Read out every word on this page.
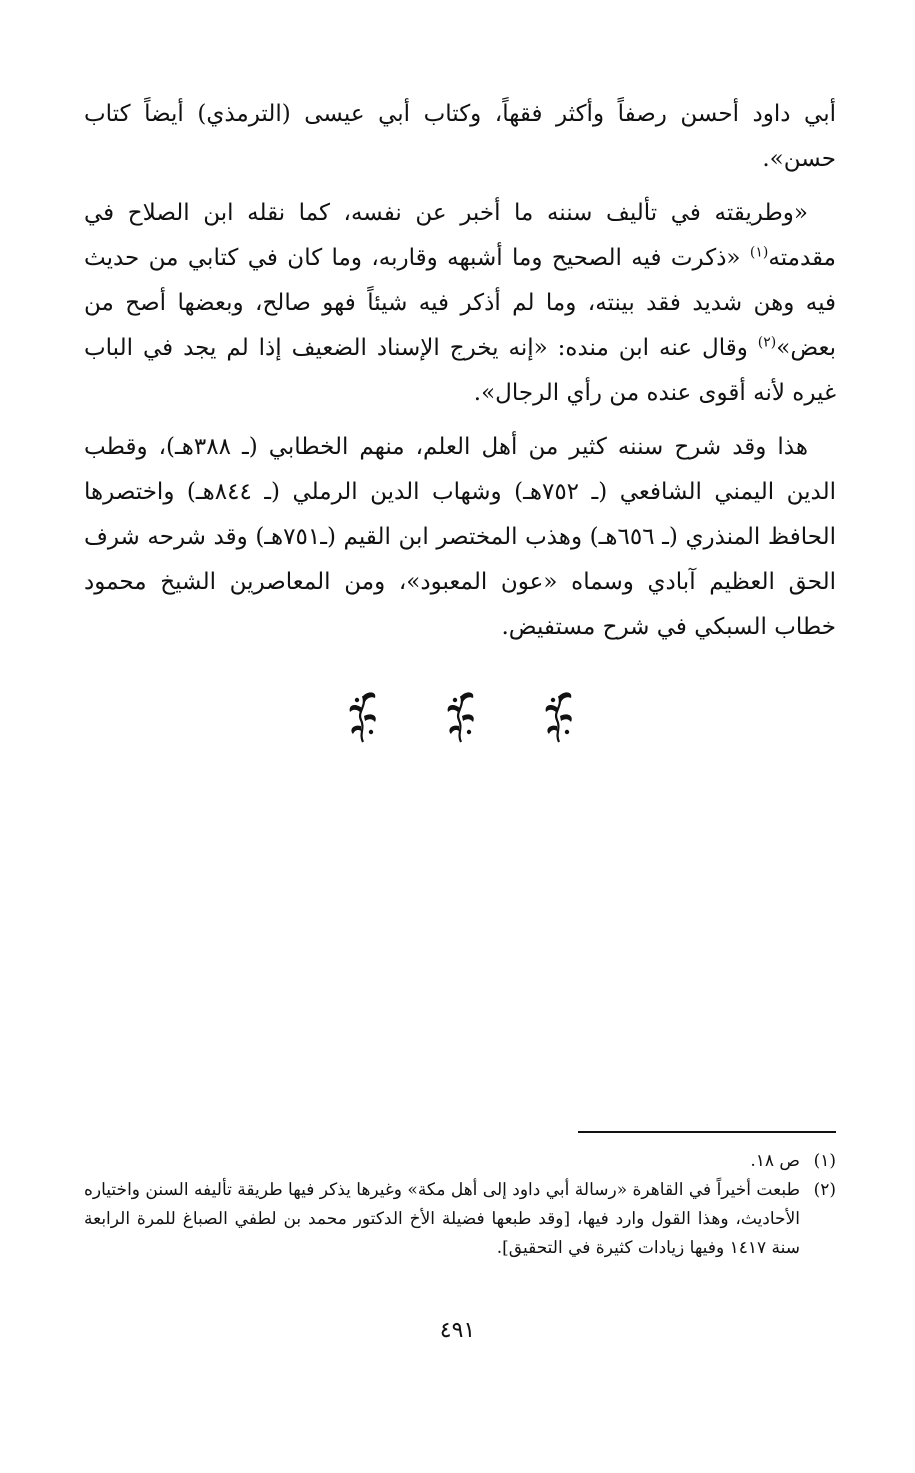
أبي داود أحسن رصفاً وأكثر فقهاً، وكتاب أبي عيسى (الترمذي) أيضاً كتاب حسن».

«وطريقته في تأليف سننه ما أخبر عن نفسه، كما نقله ابن الصلاح في مقدمته$^{(١)}$ «ذكرت فيه الصحيح وما أشبهه وقاربه، وما كان في كتابي من حديث فيه وهن شديد فقد بينته، وما لم أذكر فيه شيئاً فهو صالح، وبعضها أصح من بعض»$^{(٢)}$ وقال عنه ابن منده: «إنه يخرج الإسناد الضعيف إذا لم يجد في الباب غيره لأنه أقوى عنده من رأي الرجال».

هذا وقد شرح سننه كثير من أهل العلم، منهم الخطابي (ـ ٣٨٨هـ)، وقطب الدين اليمني الشافعي (ـ ٧٥٢هـ) وشهاب الدين الرملي (ـ ٨٤٤هـ) واختصرها الحافظ المنذري (ـ ٦٥٦هـ) وهذب المختصر ابن القيم (ـ٧٥١هـ) وقد شرحه شرف الحق العظيم آبادي وسماه «عون المعبود»، ومن المعاصرين الشيخ محمود خطاب السبكي في شرح مستفيض.

(١)
ص ١٨.

(٢)
طبعت أخيراً في القاهرة «رسالة أبي داود إلى أهل مكة» وغيرها يذكر فيها طريقة تأليفه السنن واختياره الأحاديث، وهذا القول وارد فيها، [وقد طبعها فضيلة الأخ الدكتور محمد بن لطفي الصباغ للمرة الرابعة سنة ١٤١٧ وفيها زيادات كثيرة في التحقيق].

٤٩١
